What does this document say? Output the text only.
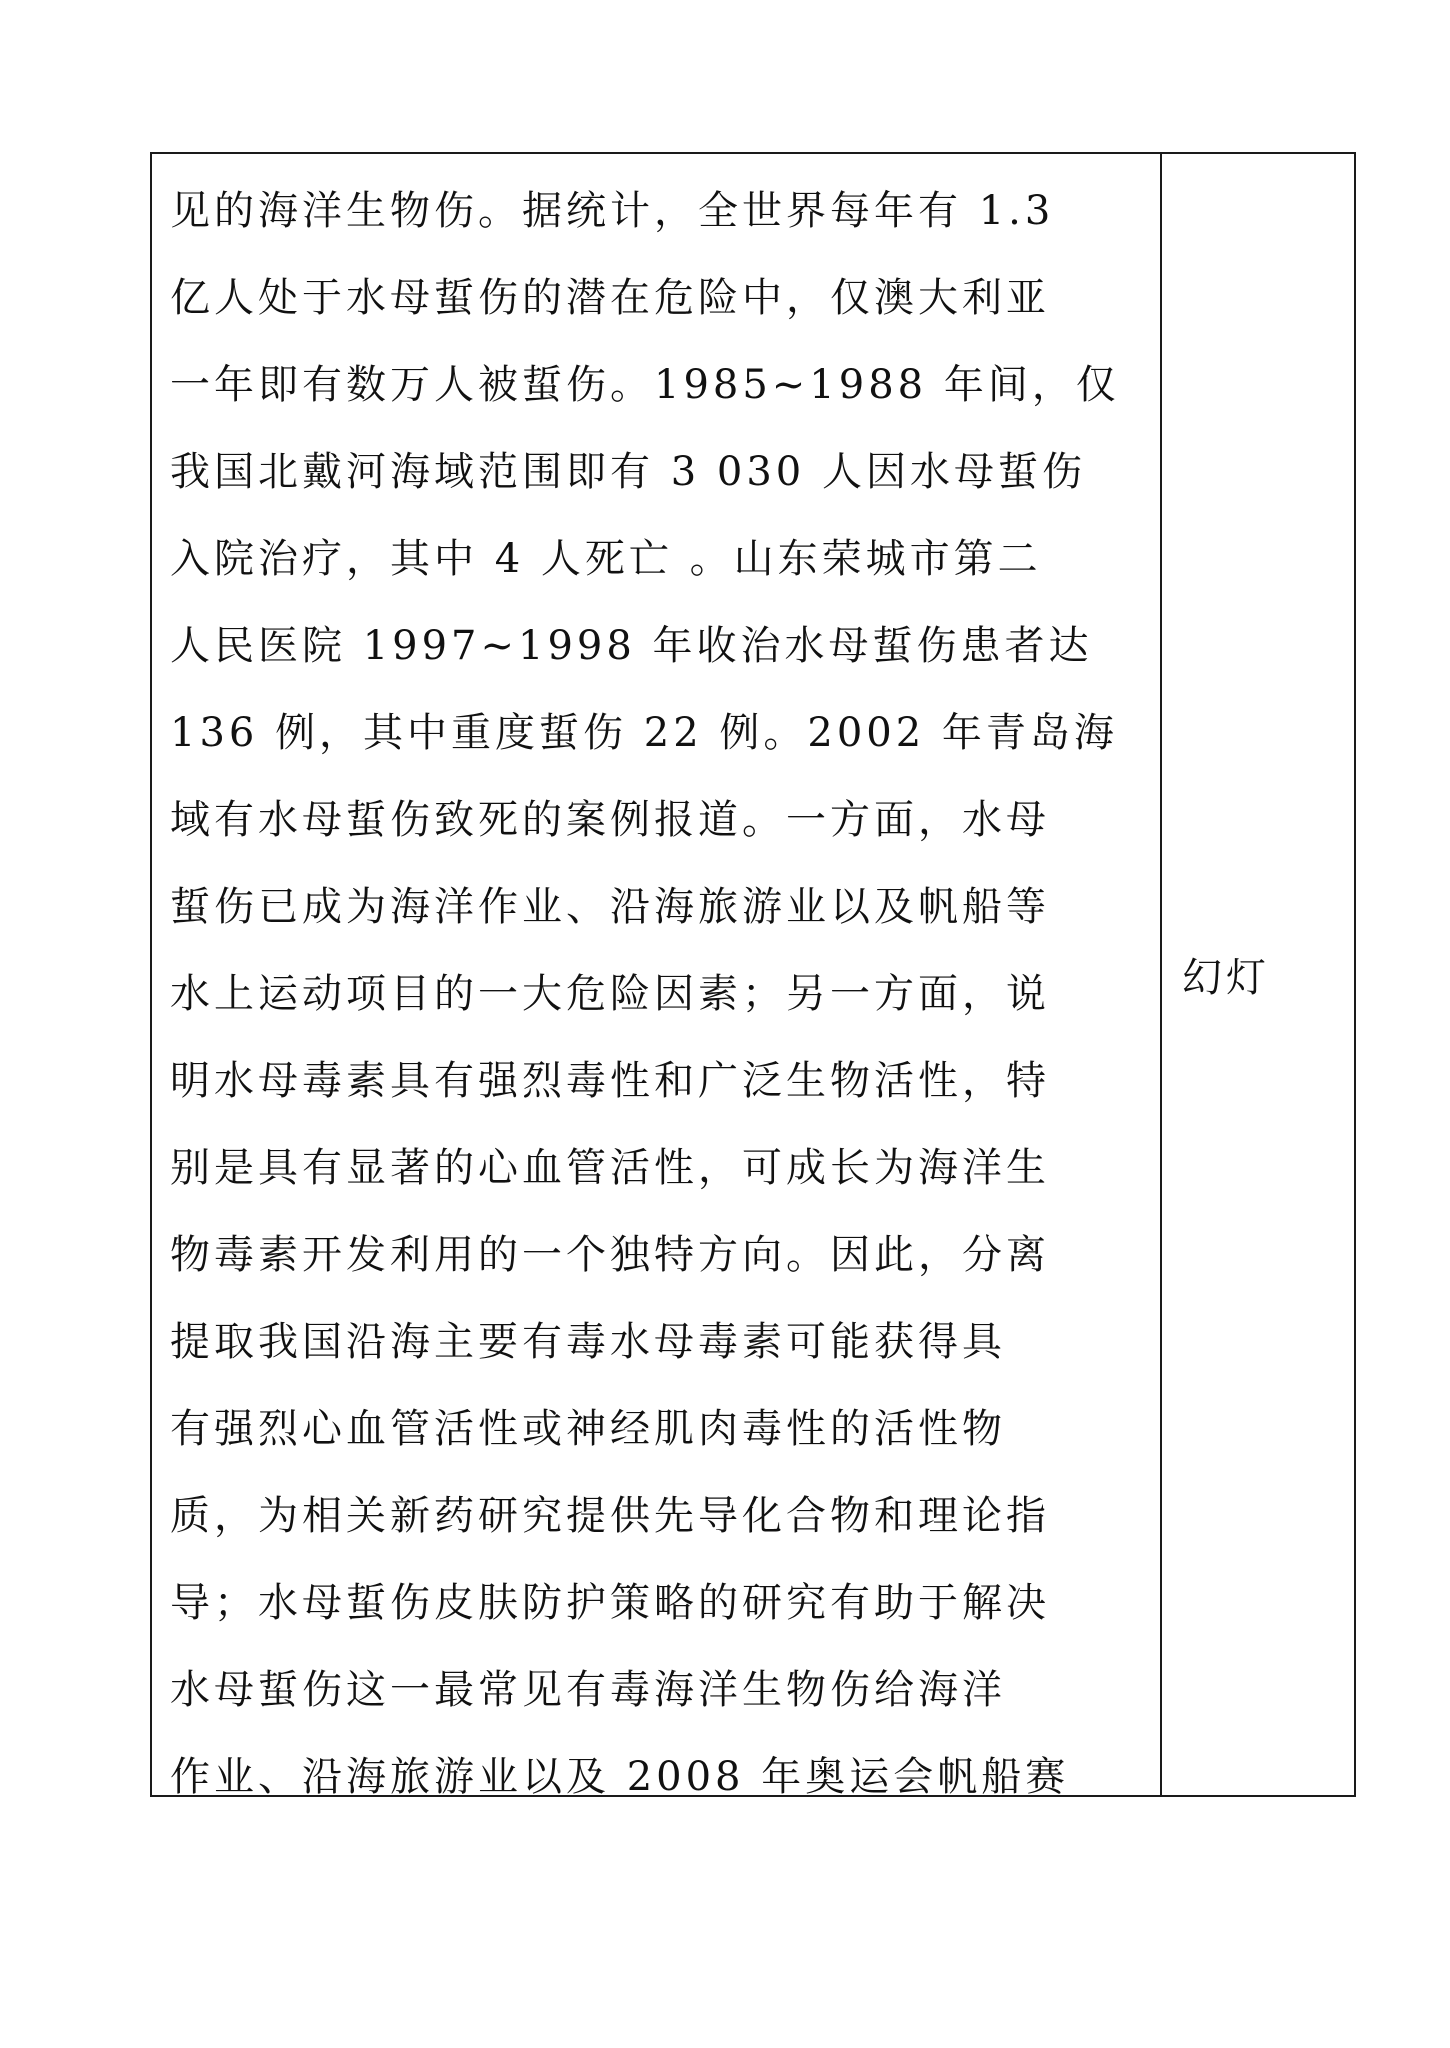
见的海洋生物伤。据统计，全世界每年有 1.3
亿人处于水母蜇伤的潜在危险中，仅澳大利亚
一年即有数万人被蜇伤。1985~1988 年间，仅
我国北戴河海域范围即有 3 030 人因水母蜇伤
入院治疗，其中 4 人死亡 。山东荣城市第二
人民医院 1997~1998 年收治水母蜇伤患者达
136 例，其中重度蜇伤 22 例。2002 年青岛海
域有水母蜇伤致死的案例报道。一方面，水母
蜇伤已成为海洋作业、沿海旅游业以及帆船等
水上运动项目的一大危险因素；另一方面，说
明水母毒素具有强烈毒性和广泛生物活性，特
别是具有显著的心血管活性，可成长为海洋生
物毒素开发利用的一个独特方向。因此，分离
提取我国沿海主要有毒水母毒素可能获得具
有强烈心血管活性或神经肌肉毒性的活性物
质，为相关新药研究提供先导化合物和理论指
导；水母蜇伤皮肤防护策略的研究有助于解决
水母蜇伤这一最常见有毒海洋生物伤给海洋
作业、沿海旅游业以及 2008 年奥运会帆船赛
幻灯
